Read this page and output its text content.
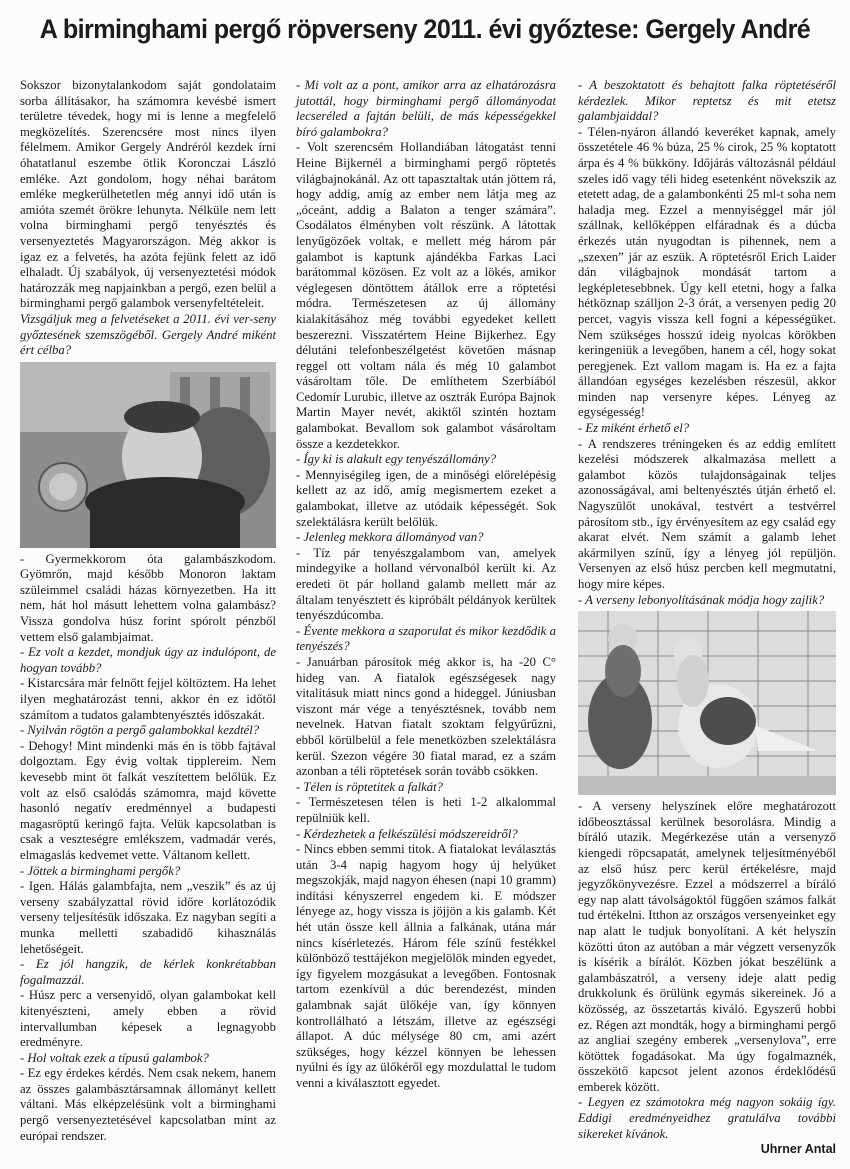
A birminghami pergő röpverseny 2011. évi győztese: Gergely André

Sokszor bizonytalankodom saját gondolataim sorba állításakor, ha számomra kevésbé ismert területre tévedek, hogy mi is lenne a megfelelő megközelítés. Szerencsére most nincs ilyen félelmem. Amikor Gergely Andréról kezdek írni óhatatlanul eszembe ötlik Koronczai László emléke. Azt gondolom, hogy néhai barátom emléke megkerülhetetlen még annyi idő után is amióta szemét örökre lehunyta. Nélküle nem lett volna birminghami pergő tenyésztés és versenyeztetés Magyarországon. Még akkor is igaz ez a felvetés, ha azóta fejünk felett az idő elhaladt. Új szabályok, új versenyeztetési módok határozzák meg napjainkban a pergő, ezen belül a birminghami pergő galambok versenyfeltételeit.

Vizsgáljuk meg a felvetéseket a 2011. évi ver-seny győztesének szemszögéből. Gergely André miként ért célba?

- Gyermekkorom óta galambászkodom. Gyömrőn, majd később Monoron laktam szüleimmel családi házas környezetben. Ha itt nem, hát hol másutt lehettem volna galambász? Vissza gondolva húsz forint spórolt pénzből vettem első galambjaimat.

- Ez volt a kezdet, mondjuk úgy az indulópont, de hogyan tovább?

- Kistarcsára már felnőtt fejjel költöztem. Ha lehet ilyen meghatározást tenni, akkor én ez időtől számítom a tudatos galambtenyésztés időszakát.

- Nyilván rögtön a pergő galambokkal kezdtél?

- Dehogy! Mint mindenki más én is több fajtával dolgoztam. Egy évig voltak tipplereim. Nem kevesebb mint öt falkát veszítettem belőlük. Ez volt az első csalódás számomra, majd követte hasonló negatív eredménnyel a budapesti magasröptű keringő fajta. Velük kapcsolatban is csak a veszteségre emlékszem, vadmadár verés, elmagaslás kedvemet vette. Váltanom kellett.

- Jöttek a birminghami pergők?

- Igen. Hálás galambfajta, nem „veszik” és az új verseny szabályzattal rövid időre korlátozódik verseny teljesítésük időszaka. Ez nagyban segíti a munka melletti szabadidő kihasználás lehetőségeit.

- Ez jól hangzik, de kérlek konkrétabban fogalmazzál.

- Húsz perc a versenyidő, olyan galambokat kell kitenyészteni, amely ebben a rövid intervallumban képesek a legnagyobb eredményre.

- Hol voltak ezek a típusú galambok?

- Ez egy érdekes kérdés. Nem csak nekem, hanem az összes galambásztársamnak állományt kellett váltani. Más elképzelésünk volt a birminghami pergő versenyeztetésével kapcsolatban mint az európai rendszer.

- Mi volt az a pont, amikor arra az elhatározásra jutottál, hogy birminghami pergő állományodat lecseréled a fajtán belüli, de más képességekkel bíró galambokra?

- Volt szerencsém Hollandiában látogatást tenni Heine Bijkernél a birminghami pergő röptetés világbajnokánál. Az ott tapasztaltak után jöttem rá, hogy addig, amíg az ember nem látja meg az „óceánt, addig a Balaton a tenger számára”. Csodálatos élményben volt részünk. A látottak lenyűgözőek voltak, e mellett még három pár galambot is kaptunk ajándékba Farkas Laci barátommal közösen. Ez volt az a lökés, amikor véglegesen döntöttem átállok erre a röptetési módra. Természetesen az új állomány kialakításához még további egyedeket kellett beszerezni. Visszatértem Heine Bijkerhez. Egy délutáni telefonbeszélgetést követően másnap reggel ott voltam nála és még 10 galambot vásároltam tőle. De említhetem Szerbiából Cedomír Lurubic, illetve az osztrák Európa Bajnok Martin Mayer nevét, akiktől szintén hoztam galambokat. Bevallom sok galambot vásároltam össze a kezdetekkor.

- Így ki is alakult egy tenyészállomány?

- Mennyiségileg igen, de a minőségi előrelépésig kellett az az idő, amíg megismertem ezeket a galambokat, illetve az utódaik képességét. Sok szelektálásra került belőlük.

- Jelenleg mekkora állományod van?

- Tíz pár tenyészgalambom van, amelyek mindegyike a holland vérvonalból került ki. Az eredeti öt pár holland galamb mellett már az általam tenyésztett és kipróbált példányok kerültek tenyészdúcomba.

- Évente mekkora a szaporulat és mikor kezdődik a tenyészés?

- Januárban párosítok még akkor is, ha -20 C° hideg van. A fiatalok egészségesek nagy vitalitásuk miatt nincs gond a hideggel. Júniusban viszont már vége a tenyésztésnek, tovább nem nevelnek. Hatvan fiatalt szoktam felgyűrűzni, ebből körülbelül a fele menetközben szelektálásra kerül. Szezon végére 30 fiatal marad, ez a szám azonban a téli röptetések során tovább csökken.

- Télen is röptetitek a falkát?

- Természetesen télen is heti 1-2 alkalommal repülniük kell.

- Kérdezhetek a felkészülési módszereidről?

- Nincs ebben semmi titok. A fiatalokat leválasztás után 3-4 napig hagyom hogy új helyüket megszokják, majd nagyon éhesen (napi 10 gramm) indítási kényszerrel engedem ki. E módszer lényege az, hogy vissza is jöjjön a kis galamb. Két hét után össze kell állnia a falkának, utána már nincs kísérletezés. Három féle színű festékkel különböző testtájékon megjelölök minden egyedet, így figyelem mozgásukat a levegőben. Fontosnak tartom ezenkívül a dúc berendezést, minden galambnak saját ülőkéje van, így könnyen kontrollálható a létszám, illetve az egészségi állapot. A dúc mélysége 80 cm, ami azért szükséges, hogy kézzel könnyen be lehessen nyúlni és így az ülőkéről egy mozdulattal le tudom venni a kiválasztott egyedet.

- A beszoktatott és behajtott falka röptetéséről kérdezlek. Mikor reptetsz és mit etetsz galambjaiddal?

- Télen-nyáron állandó keveréket kapnak, amely összetétele 46 % búza, 25 % cirok, 25 % koptatott árpa és 4 % bükköny. Időjárás változásnál például szeles idő vagy téli hideg esetenként növekszik az etetett adag, de a galambonkénti 25 ml-t soha nem haladja meg. Ezzel a mennyiséggel már jól szállnak, kellőképpen elfáradnak és a dúcba érkezés után nyugodtan is pihennek, nem a „szexen” jár az eszük. A röptetésről Erich Laider dán világbajnok mondását tartom a legképletesebbnek. Úgy kell etetni, hogy a falka hétköznap szálljon 2-3 órát, a versenyen pedig 20 percet, vagyis vissza kell fogni a képességüket. Nem szükséges hosszú ideig nyolcas körökben keringeniük a levegőben, hanem a cél, hogy sokat peregjenek. Ezt vallom magam is. Ha ez a fajta állandóan egységes kezelésben részesül, akkor minden nap versenyre képes. Lényeg az egységesség!

- Ez miként érhető el?

- A rendszeres tréningeken és az eddig említett kezelési módszerek alkalmazása mellett a galambot közös tulajdonságainak teljes azonosságával, ami beltenyésztés útján érhető el. Nagyszülőt unokával, testvért a testvérrel párosítom stb., így érvényesítem az egy család egy akarat elvét. Nem számít a galamb lehet akármilyen színű, így a lényeg jól repüljön. Versenyen az első húsz percben kell megmutatni, hogy mire képes.

- A verseny lebonyolításának módja hogy zajlik?

- A verseny helyszínek előre meghatározott időbeosztással kerülnek besorolásra. Mindig a bíráló utazik. Megérkezése után a versenyző kiengedi röpcsapatát, amelynek teljesítményéből az első húsz perc kerül értékelésre, majd jegyzőkönyvezésre. Ezzel a módszerrel a bíráló egy nap alatt távolságoktól függően számos falkát tud értékelni. Itthon az országos versenyeinket egy nap alatt le tudjuk bonyolítani. A két helyszín közötti úton az autóban a már végzett versenyzők is kísérik a bírálót. Közben jókat beszélünk a galambászatról, a verseny ideje alatt pedig drukkolunk és örülünk egymás sikereinek. Jó a közösség, az összetartás kiváló. Egyszerű hobbi ez. Régen azt mondták, hogy a birminghami pergő az angliai szegény emberek „versenylova”, erre kötöttek fogadásokat. Ma úgy fogalmaznék, összekötő kapcsot jelent azonos érdeklődésű emberek között.

- Legyen ez számotokra még nagyon sokáig így. Eddigi eredményeidhez gratulálva további sikereket kívánok.

Uhrner Antal
